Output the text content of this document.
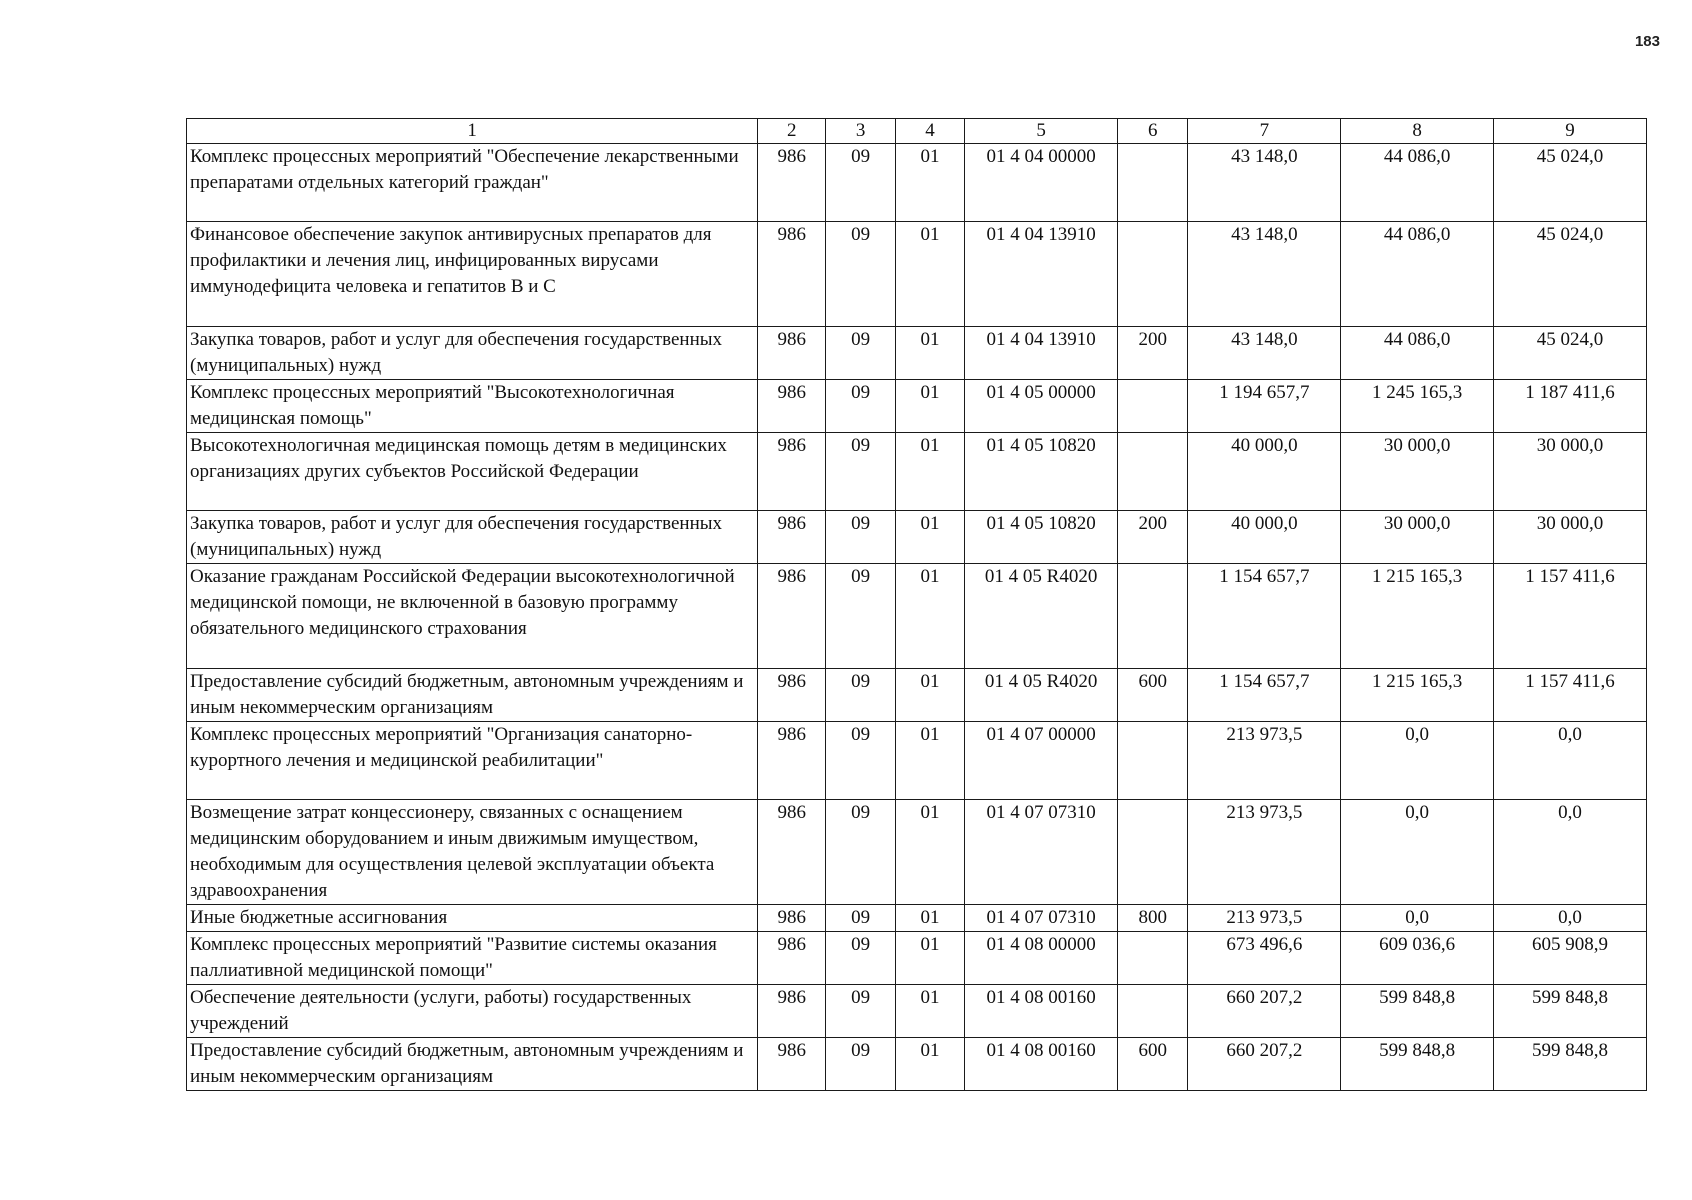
183
1	2	3	4	5	6	7	8	9
Комплекс процессных мероприятий "Обеспечение лекарственными препаратами отдельных категорий граждан"	986	09	01	01 4 04 00000		43 148,0	44 086,0	45 024,0
Финансовое обеспечение закупок антивирусных препаратов для профилактики и лечения лиц, инфицированных вирусами иммунодефицита человека и гепатитов В и С	986	09	01	01 4 04 13910		43 148,0	44 086,0	45 024,0
Закупка товаров, работ и услуг для обеспечения государственных (муниципальных) нужд	986	09	01	01 4 04 13910	200	43 148,0	44 086,0	45 024,0
Комплекс процессных мероприятий "Высокотехнологичная медицинская помощь"	986	09	01	01 4 05 00000		1 194 657,7	1 245 165,3	1 187 411,6
Высокотехнологичная медицинская помощь детям в медицинских организациях других субъектов Российской Федерации	986	09	01	01 4 05 10820		40 000,0	30 000,0	30 000,0
Закупка товаров, работ и услуг для обеспечения государственных (муниципальных) нужд	986	09	01	01 4 05 10820	200	40 000,0	30 000,0	30 000,0
Оказание гражданам Российской Федерации высокотехнологичной медицинской помощи, не включенной в базовую программу обязательного медицинского страхования	986	09	01	01 4 05 R4020		1 154 657,7	1 215 165,3	1 157 411,6
Предоставление субсидий бюджетным, автономным учреждениям и иным некоммерческим организациям	986	09	01	01 4 05 R4020	600	1 154 657,7	1 215 165,3	1 157 411,6
Комплекс процессных мероприятий "Организация санаторно-курортного лечения и медицинской реабилитации"	986	09	01	01 4 07 00000		213 973,5	0,0	0,0
Возмещение затрат концессионеру, связанных с оснащением медицинским оборудованием и иным движимым имуществом, необходимым для осуществления целевой эксплуатации объекта здравоохранения	986	09	01	01 4 07 07310		213 973,5	0,0	0,0
Иные бюджетные ассигнования	986	09	01	01 4 07 07310	800	213 973,5	0,0	0,0
Комплекс процессных мероприятий "Развитие системы оказания паллиативной медицинской помощи"	986	09	01	01 4 08 00000		673 496,6	609 036,6	605 908,9
Обеспечение деятельности (услуги, работы) государственных учреждений	986	09	01	01 4 08 00160		660 207,2	599 848,8	599 848,8
Предоставление субсидий бюджетным, автономным учреждениям и иным некоммерческим организациям	986	09	01	01 4 08 00160	600	660 207,2	599 848,8	599 848,8
